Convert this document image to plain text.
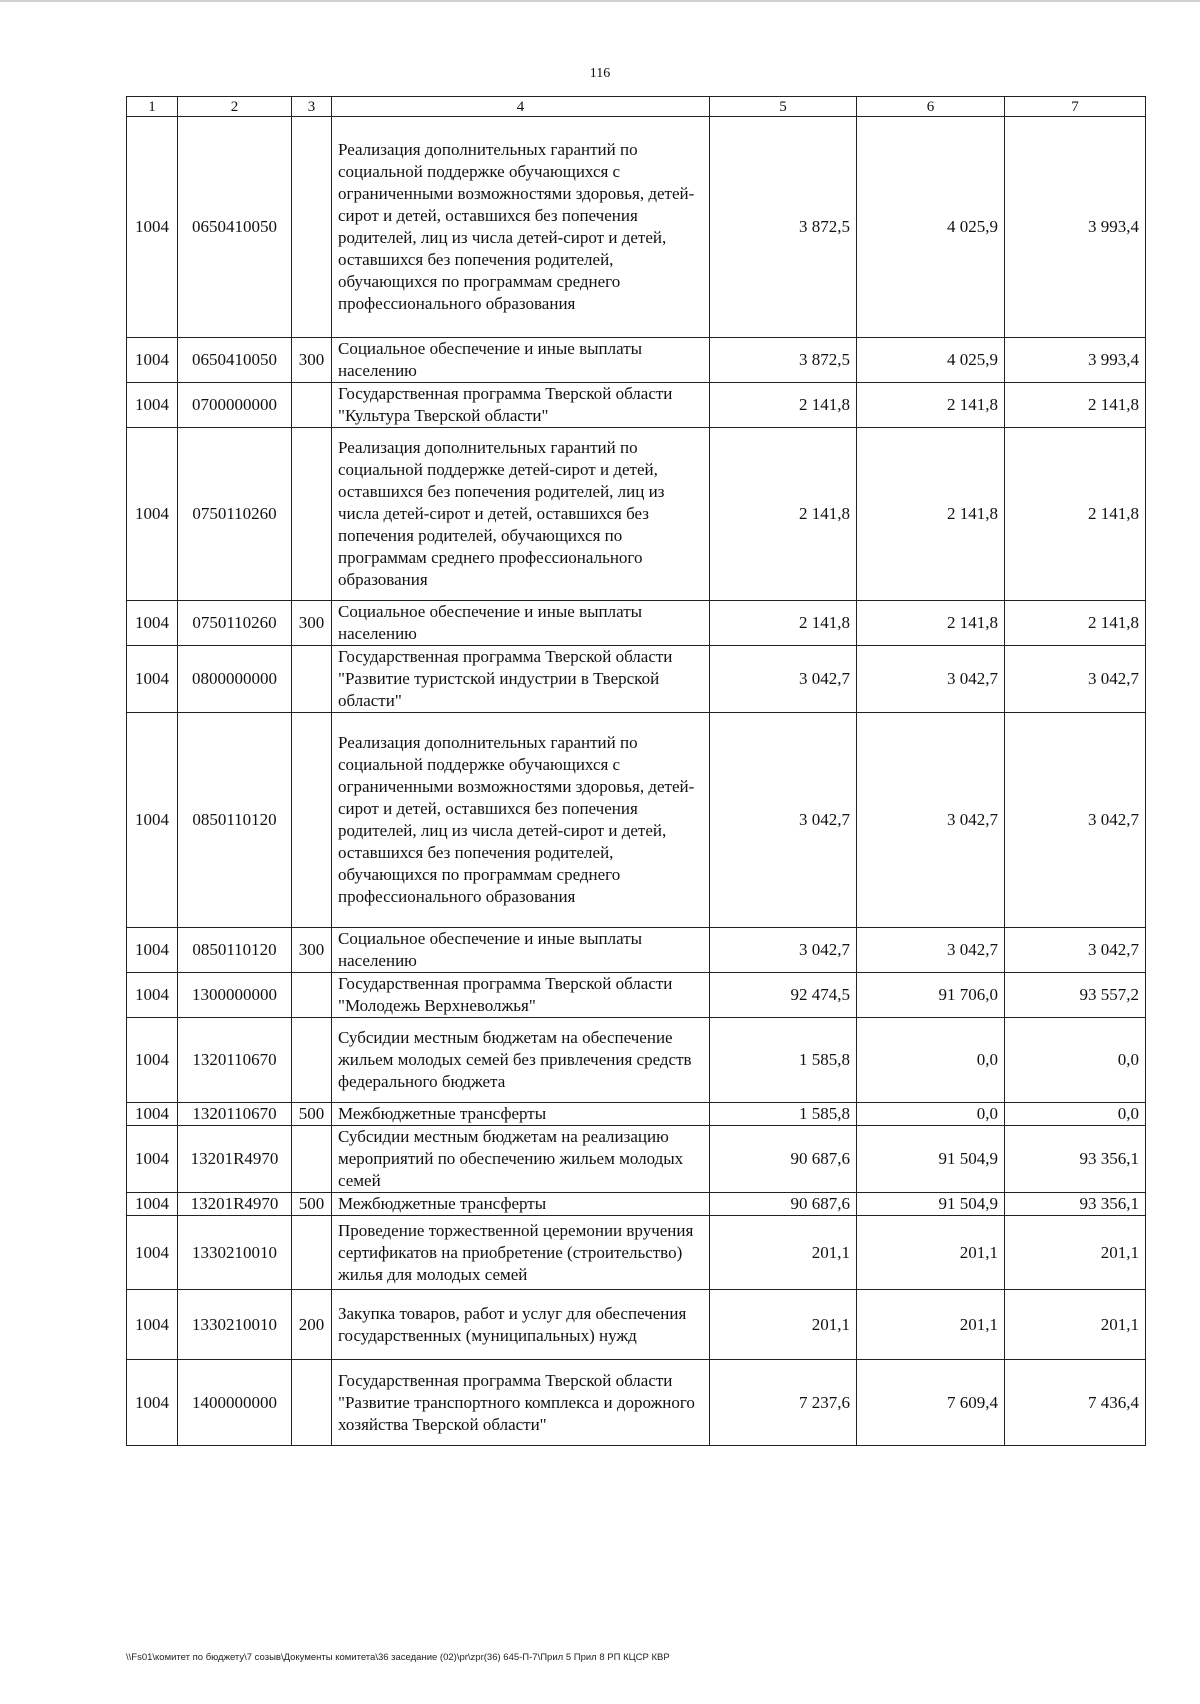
116
1	2	3	4	5	6	7
1004	0650410050		Реализация дополнительных гарантий по социальной поддержке обучающихся с ограниченными возможностями здоровья, детей-сирот и детей, оставшихся без попечения родителей, лиц из числа детей-сирот и детей, оставшихся без попечения родителей, обучающихся по программам среднего профессионального образования	3 872,5	4 025,9	3 993,4
1004	0650410050	300	Социальное обеспечение и иные выплаты населению	3 872,5	4 025,9	3 993,4
1004	0700000000		Государственная программа Тверской области "Культура Тверской области"	2 141,8	2 141,8	2 141,8
1004	0750110260		Реализация дополнительных гарантий по социальной поддержке детей-сирот и детей, оставшихся без попечения родителей, лиц из числа детей-сирот и детей, оставшихся без попечения родителей, обучающихся по программам среднего профессионального образования	2 141,8	2 141,8	2 141,8
1004	0750110260	300	Социальное обеспечение и иные выплаты населению	2 141,8	2 141,8	2 141,8
1004	0800000000		Государственная программа Тверской области "Развитие туристской индустрии в Тверской области"	3 042,7	3 042,7	3 042,7
1004	0850110120		Реализация дополнительных гарантий по социальной поддержке обучающихся с ограниченными возможностями здоровья, детей-сирот и детей, оставшихся без попечения родителей, лиц из числа детей-сирот и детей, оставшихся без попечения родителей, обучающихся по программам среднего профессионального образования	3 042,7	3 042,7	3 042,7
1004	0850110120	300	Социальное обеспечение и иные выплаты населению	3 042,7	3 042,7	3 042,7
1004	1300000000		Государственная программа Тверской области "Молодежь Верхневолжья"	92 474,5	91 706,0	93 557,2
1004	1320110670		Субсидии местным бюджетам на обеспечение жильем молодых семей без привлечения средств федерального бюджета	1 585,8	0,0	0,0
1004	1320110670	500	Межбюджетные трансферты	1 585,8	0,0	0,0
1004	13201R4970		Субсидии местным бюджетам на реализацию мероприятий по обеспечению жильем молодых семей	90 687,6	91 504,9	93 356,1
1004	13201R4970	500	Межбюджетные трансферты	90 687,6	91 504,9	93 356,1
1004	1330210010		Проведение торжественной церемонии вручения сертификатов на приобретение (строительство) жилья для молодых семей	201,1	201,1	201,1
1004	1330210010	200	Закупка товаров, работ и услуг для обеспечения государственных (муниципальных) нужд	201,1	201,1	201,1
1004	1400000000		Государственная программа Тверской области "Развитие транспортного комплекса и дорожного хозяйства Тверской области"	7 237,6	7 609,4	7 436,4
\\Fs01\комитет по бюджету\7 созыв\Документы комитета\36 заседание (02)\pr\zpr(36) 645-П-7\Прил 5 Прил 8 РП КЦСР КВР
